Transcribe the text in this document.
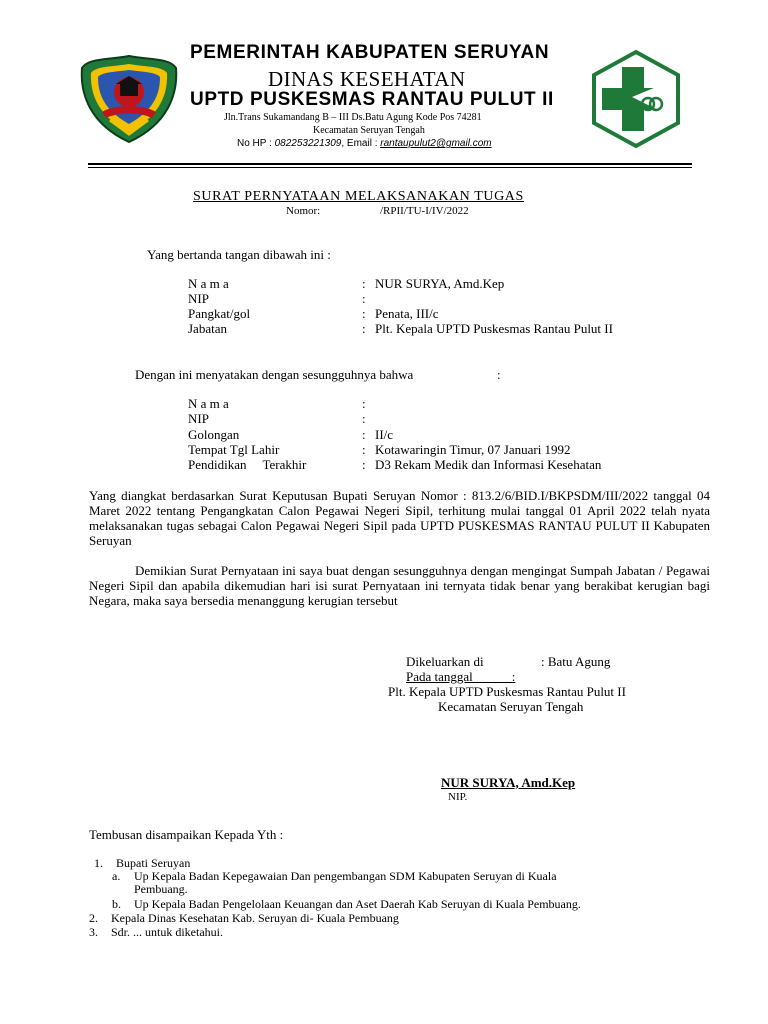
PEMERINTAH KABUPATEN SERUYAN
DINAS KESEHATAN
UPTD PUSKESMAS RANTAU PULUT II
Jln.Trans Sukamandang B – III Ds.Batu Agung Kode Pos 74281
Kecamatan Seruyan Tengah
No HP : 082253221309, Email : rantaupulut2@gmail.com
SURAT PERNYATAAN MELAKSANAKAN TUGAS
Nomor:	/RPII/TU-I/IV/2022
Yang bertanda tangan dibawah ini :
N a m a	: NUR SURYA, Amd.Kep
NIP	:
Pangkat/gol	: Penata, III/c
Jabatan	: Plt. Kepala UPTD Puskesmas Rantau Pulut II
Dengan ini menyatakan dengan sesungguhnya bahwa	:
N a m a	:
NIP	:
Golongan	: II/c
Tempat Tgl Lahir	: Kotawaringin Timur, 07 Januari 1992
Pendidikan     Terakhir	: D3 Rekam Medik dan Informasi Kesehatan
Yang diangkat berdasarkan Surat Keputusan Bupati Seruyan Nomor : 813.2/6/BID.I/BKPSDM/III/2022 tanggal 04 Maret 2022 tentang Pengangkatan Calon Pegawai Negeri Sipil, terhitung mulai tanggal 01 April 2022 telah nyata melaksanakan tugas sebagai Calon Pegawai Negeri Sipil pada UPTD PUSKESMAS RANTAU PULUT II Kabupaten Seruyan
Demikian Surat Pernyataan ini saya buat dengan sesungguhnya dengan mengingat Sumpah Jabatan / Pegawai Negeri Sipil dan apabila dikemudian hari isi surat Pernyataan ini ternyata tidak benar yang berakibat kerugian bagi Negara, maka saya bersedia menanggung kerugian tersebut
Dikeluarkan di	: Batu Agung
Pada tanggal            :
Plt. Kepala UPTD Puskesmas Rantau Pulut II
Kecamatan Seruyan Tengah
NUR SURYA, Amd.Kep
NIP.
Tembusan disampaikan Kepada Yth :
1. Bupati Seruyan
a. Up Kepala Badan Kepegawaian Dan pengembangan SDM Kabupaten Seruyan di Kuala
Pembuang.
b. Up Kepala Badan Pengelolaan Keuangan dan Aset Daerah Kab Seruyan di Kuala Pembuang.
2. Kepala Dinas Kesehatan Kab. Seruyan di- Kuala Pembuang
3. Sdr. ... untuk diketahui.
